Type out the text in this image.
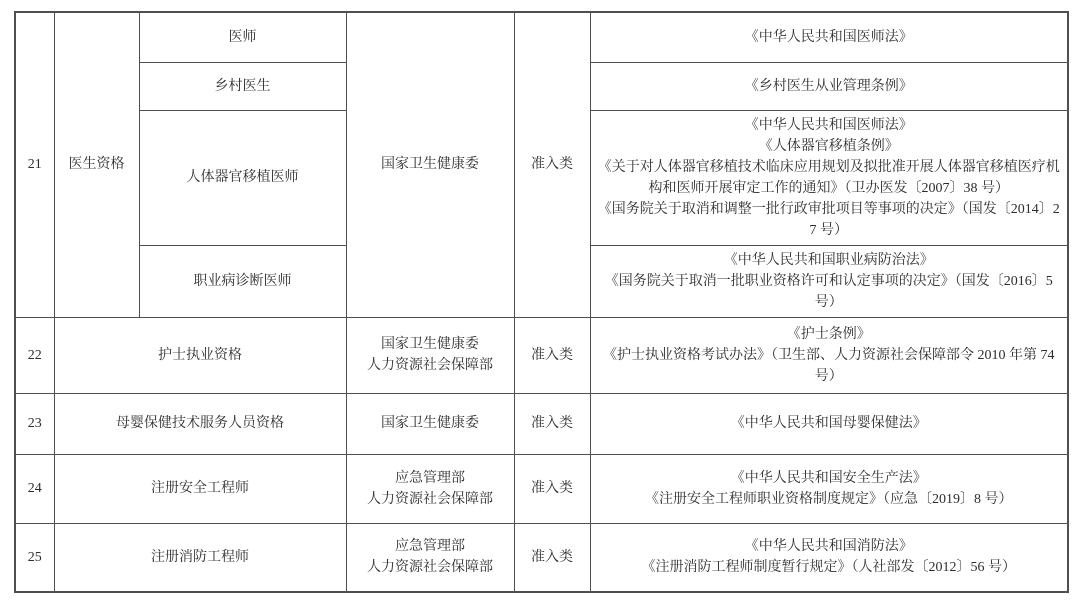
21	医生资格	医师	国家卫生健康委	准入类	《中华人民共和国医师法》

		乡村医生			《乡村医生从业管理条例》

		人体器官移植医师			《中华人民共和国医师法》
《人体器官移植条例》
《关于对人体器官移植技术临床应用规划及拟批准开展人体器官移植医疗机构和医师开展审定工作的通知》（卫办医发〔2007〕38 号）
《国务院关于取消和调整一批行政审批项目等事项的决定》（国发〔2014〕27 号）

		职业病诊断医师			《中华人民共和国职业病防治法》
《国务院关于取消一批职业资格许可和认定事项的决定》（国发〔2016〕5 号）

22	护士执业资格		国家卫生健康委
人力资源社会保障部	准入类	《护士条例》
《护士执业资格考试办法》（卫生部、人力资源社会保障部令 2010 年第 74 号）

23	母婴保健技术服务人员资格		国家卫生健康委	准入类	《中华人民共和国母婴保健法》

24	注册安全工程师		应急管理部
人力资源社会保障部	准入类	《中华人民共和国安全生产法》
《注册安全工程师职业资格制度规定》（应急〔2019〕8 号）

25	注册消防工程师		应急管理部
人力资源社会保障部	准入类	《中华人民共和国消防法》
《注册消防工程师制度暂行规定》（人社部发〔2012〕56 号）
